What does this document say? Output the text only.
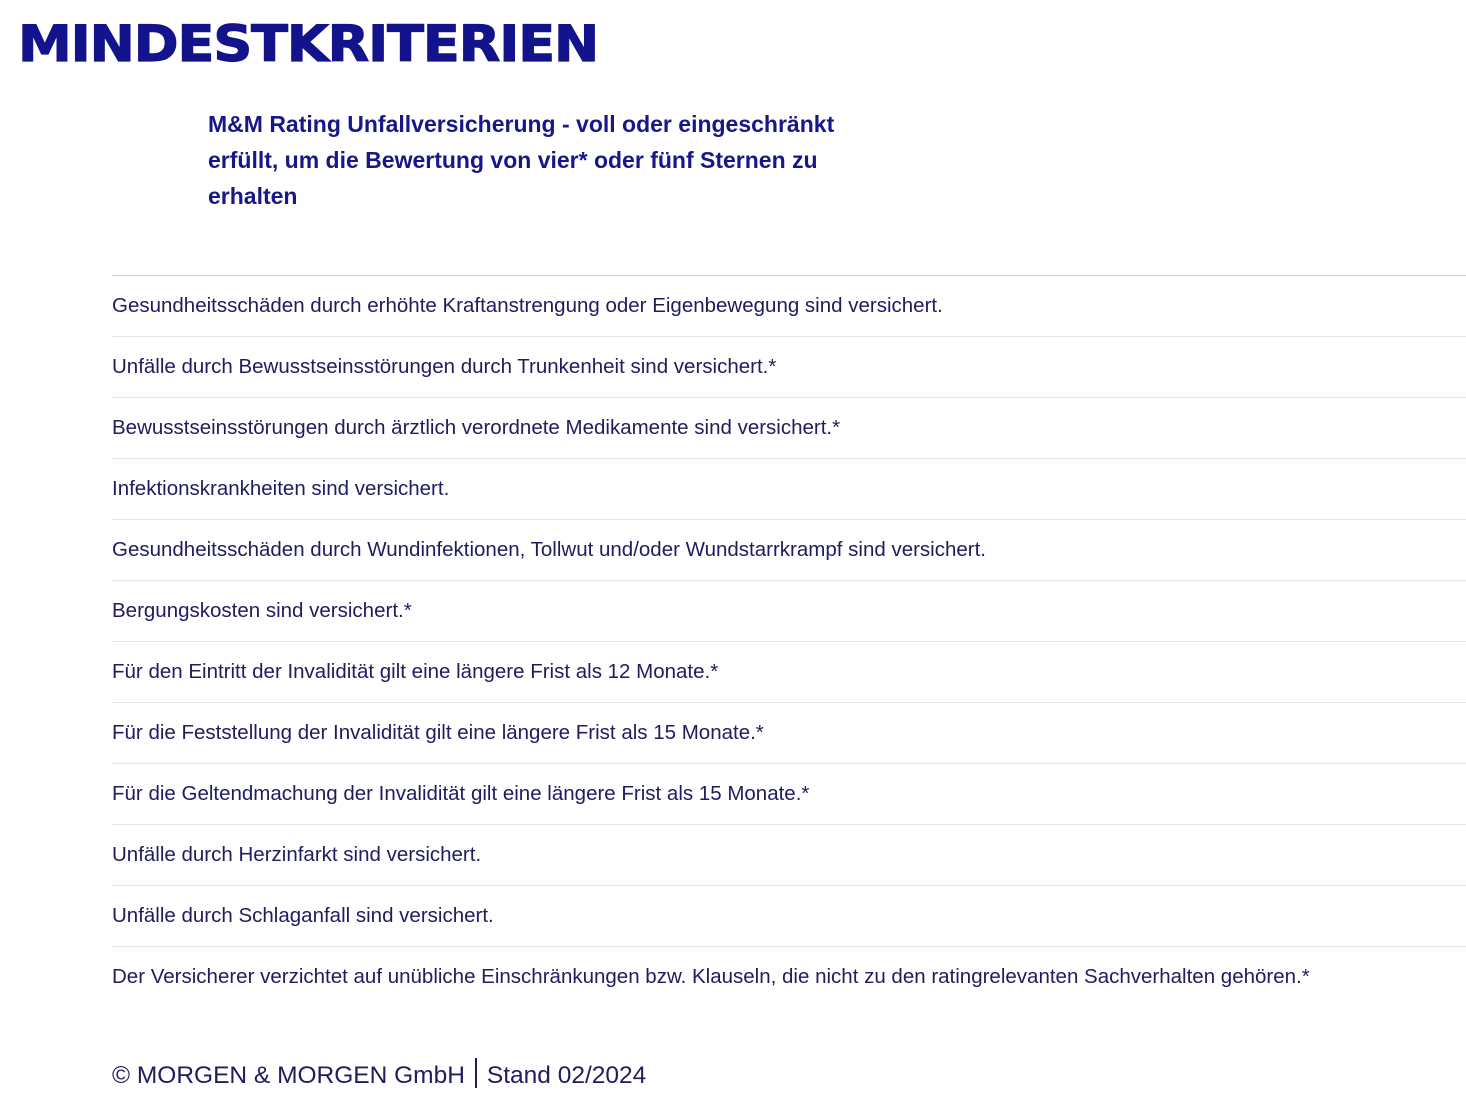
MINDESTKRITERIEN
M&M Rating Unfallversicherung - voll oder eingeschränkt erfüllt, um die Bewertung von vier* oder fünf Sternen zu erhalten
Gesundheitsschäden durch erhöhte Kraftanstrengung oder Eigenbewegung sind versichert.
Unfälle durch Bewusstseinsstörungen durch Trunkenheit sind versichert.*
Bewusstseinsstörungen durch ärztlich verordnete Medikamente sind versichert.*
Infektionskrankheiten sind versichert.
Gesundheitsschäden durch Wundinfektionen, Tollwut und/oder Wundstarrkrampf sind versichert.
Bergungskosten sind versichert.*
Für den Eintritt der Invalidität gilt eine längere Frist als 12 Monate.*
Für die Feststellung der Invalidität gilt eine längere Frist als 15 Monate.*
Für die Geltendmachung der Invalidität gilt eine längere Frist als 15 Monate.*
Unfälle durch Herzinfarkt sind versichert.
Unfälle durch Schlaganfall sind versichert.
Der Versicherer verzichtet auf unübliche Einschränkungen bzw. Klauseln, die nicht zu den ratingrelevanten Sachverhalten gehören.*
© MORGEN & MORGEN GmbH Stand 02/2024
